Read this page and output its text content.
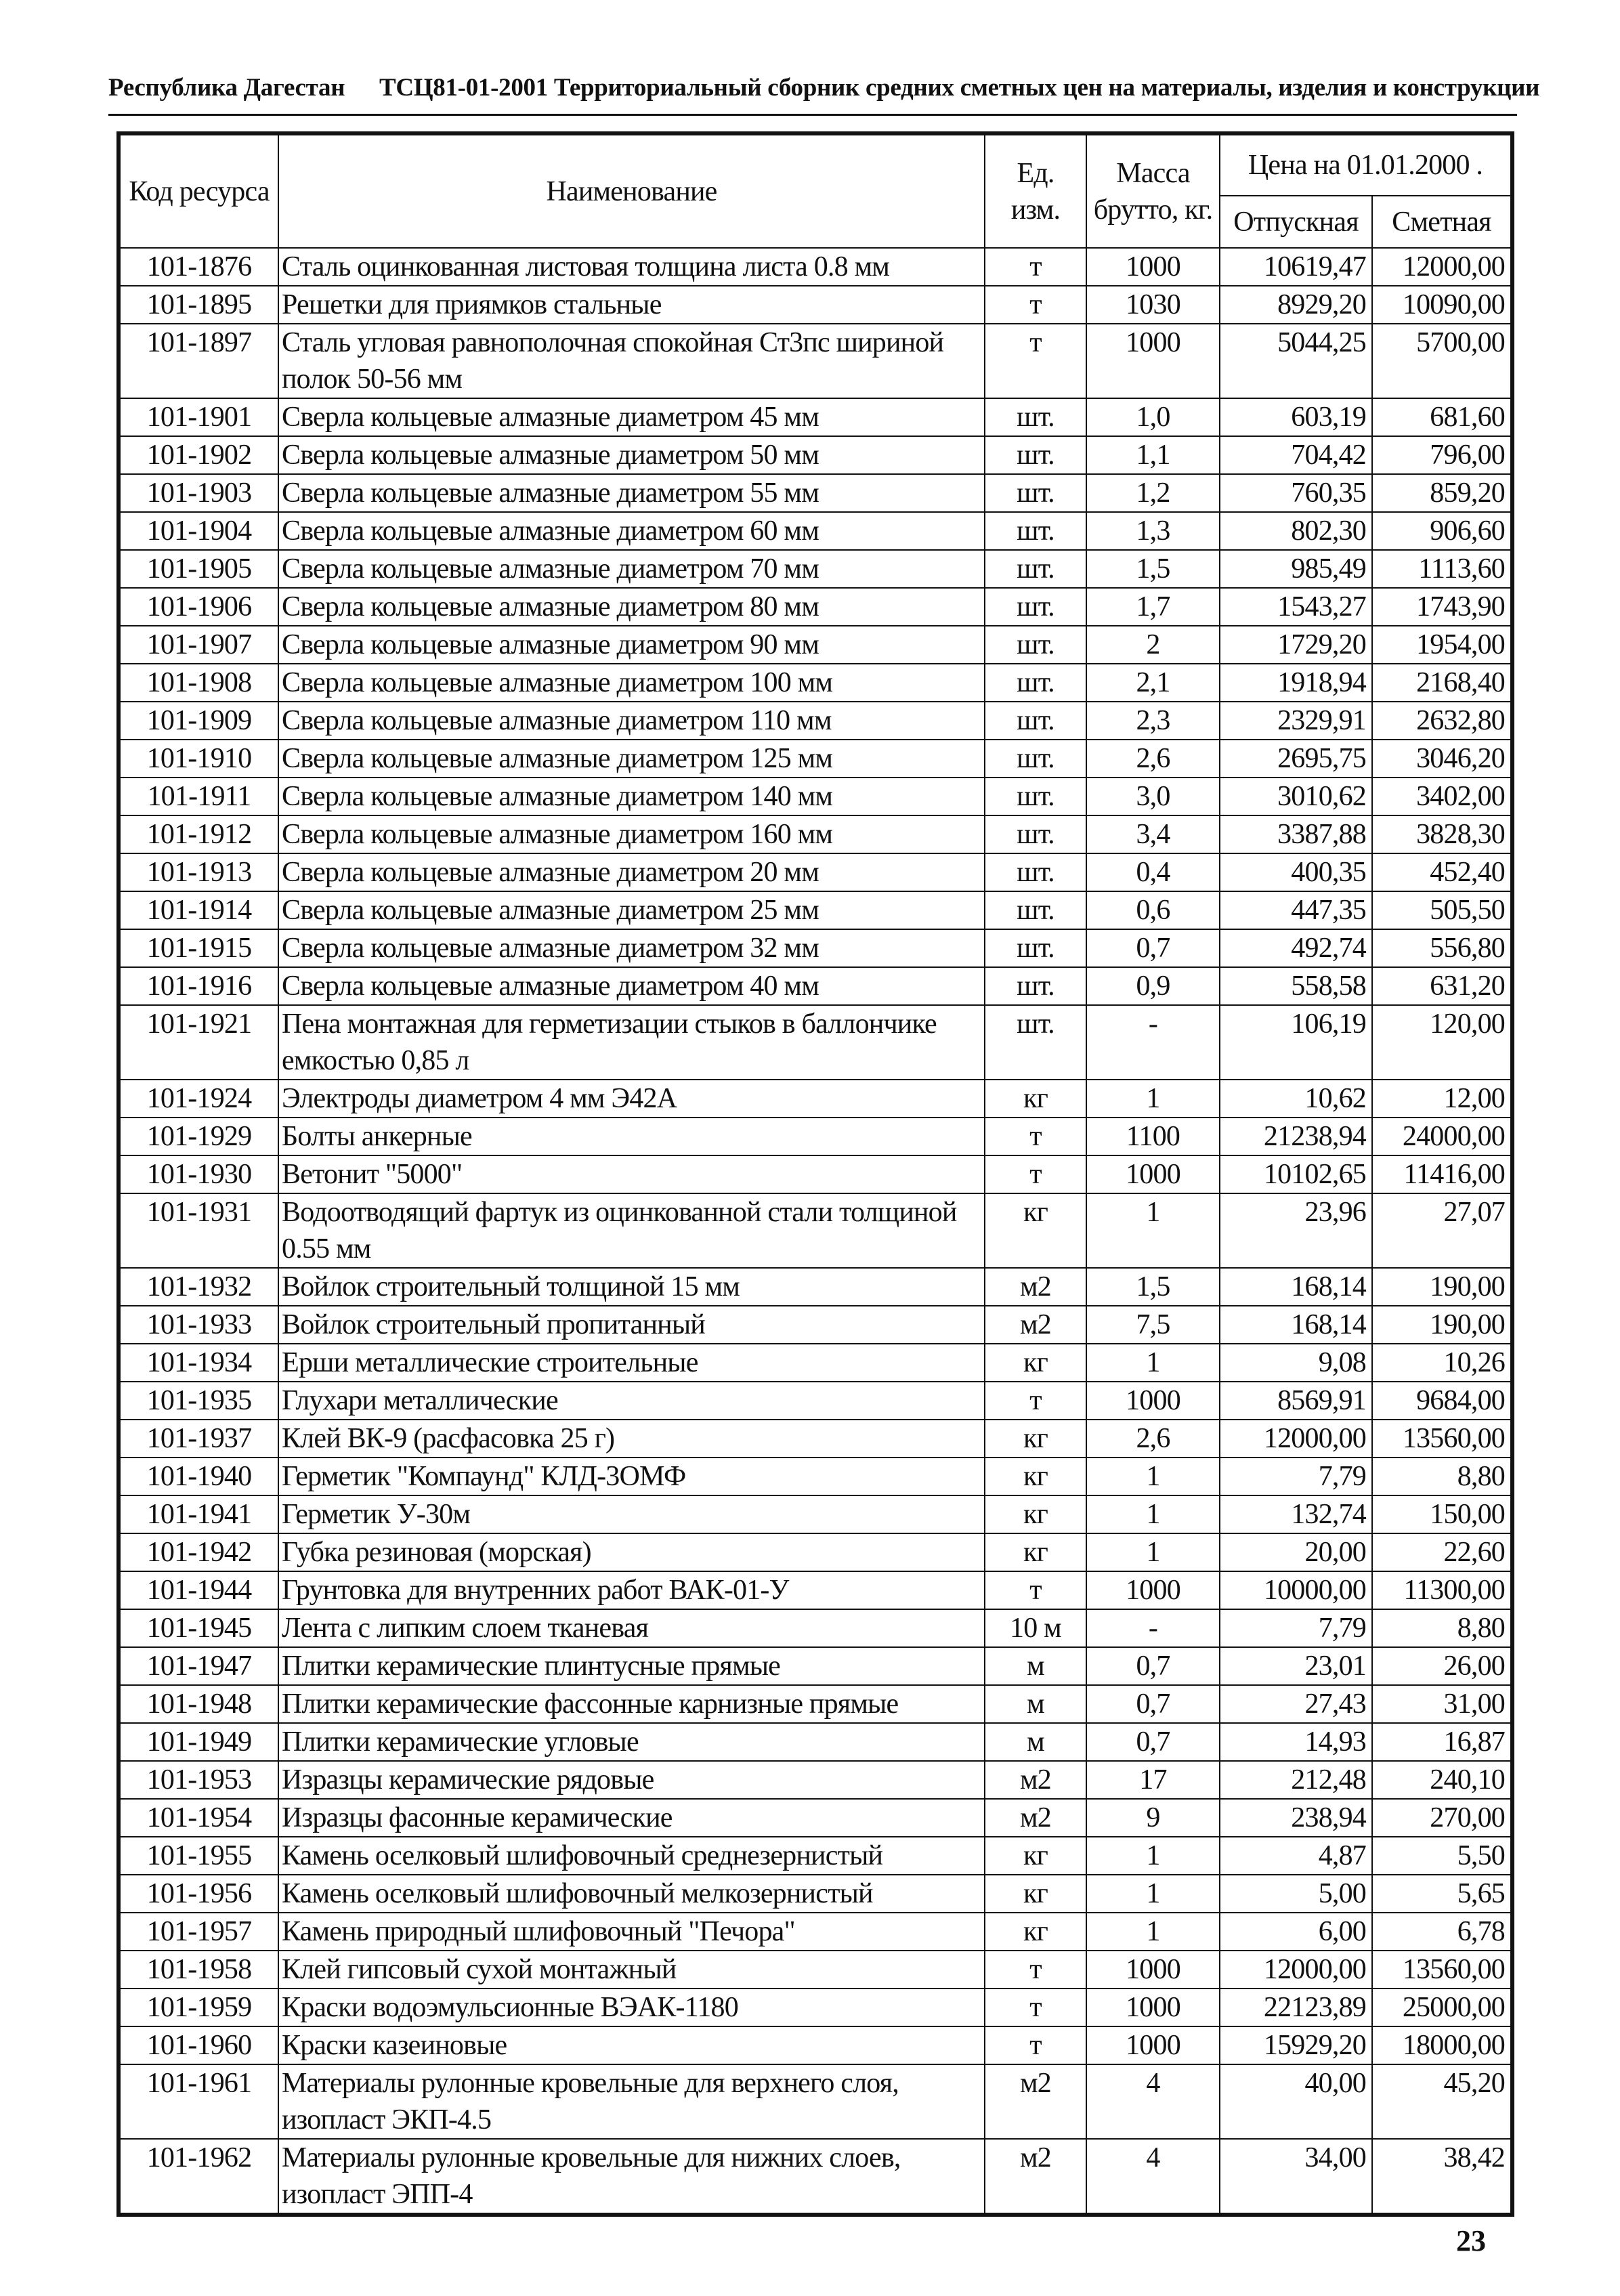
Республика Дагестан ТСЦ81-01-2001 Территориальный сборник средних сметных цен на материалы, изделия и конструкции
Код ресурса	Наименование	Ед. изм.	Масса брутто, кг.	Цена на 01.01.2000 .	
				Отпускная	Сметная
101-1876	Сталь оцинкованная листовая толщина листа 0.8 мм	т	1000	10619,47	12000,00
101-1895	Решетки для приямков стальные	т	1030	8929,20	10090,00
101-1897	Сталь угловая равнополочная спокойная Ст3пс шириной полок 50-56 мм	т	1000	5044,25	5700,00
101-1901	Сверла кольцевые алмазные диаметром 45 мм	шт.	1,0	603,19	681,60
101-1902	Сверла кольцевые алмазные диаметром 50 мм	шт.	1,1	704,42	796,00
101-1903	Сверла кольцевые алмазные диаметром 55 мм	шт.	1,2	760,35	859,20
101-1904	Сверла кольцевые алмазные диаметром 60 мм	шт.	1,3	802,30	906,60
101-1905	Сверла кольцевые алмазные диаметром 70 мм	шт.	1,5	985,49	1113,60
101-1906	Сверла кольцевые алмазные диаметром 80 мм	шт.	1,7	1543,27	1743,90
101-1907	Сверла кольцевые алмазные диаметром 90 мм	шт.	2	1729,20	1954,00
101-1908	Сверла кольцевые алмазные диаметром 100 мм	шт.	2,1	1918,94	2168,40
101-1909	Сверла кольцевые алмазные диаметром 110 мм	шт.	2,3	2329,91	2632,80
101-1910	Сверла кольцевые алмазные диаметром 125 мм	шт.	2,6	2695,75	3046,20
101-1911	Сверла кольцевые алмазные диаметром 140 мм	шт.	3,0	3010,62	3402,00
101-1912	Сверла кольцевые алмазные диаметром 160 мм	шт.	3,4	3387,88	3828,30
101-1913	Сверла кольцевые алмазные диаметром 20 мм	шт.	0,4	400,35	452,40
101-1914	Сверла кольцевые алмазные диаметром 25 мм	шт.	0,6	447,35	505,50
101-1915	Сверла кольцевые алмазные диаметром 32 мм	шт.	0,7	492,74	556,80
101-1916	Сверла кольцевые алмазные диаметром 40 мм	шт.	0,9	558,58	631,20
101-1921	Пена монтажная для герметизации стыков в баллончике емкостью 0,85 л	шт.	-	106,19	120,00
101-1924	Электроды диаметром 4 мм Э42А	кг	1	10,62	12,00
101-1929	Болты анкерные	т	1100	21238,94	24000,00
101-1930	Ветонит "5000"	т	1000	10102,65	11416,00
101-1931	Водоотводящий фартук из оцинкованной стали толщиной 0.55 мм	кг	1	23,96	27,07
101-1932	Войлок строительный толщиной 15 мм	м2	1,5	168,14	190,00
101-1933	Войлок строительный пропитанный	м2	7,5	168,14	190,00
101-1934	Ерши металлические строительные	кг	1	9,08	10,26
101-1935	Глухари металлические	т	1000	8569,91	9684,00
101-1937	Клей ВК-9 (расфасовка 25 г)	кг	2,6	12000,00	13560,00
101-1940	Герметик "Компаунд" КЛД-3ОМФ	кг	1	7,79	8,80
101-1941	Герметик У-30м	кг	1	132,74	150,00
101-1942	Губка резиновая (морская)	кг	1	20,00	22,60
101-1944	Грунтовка для внутренних работ ВАК-01-У	т	1000	10000,00	11300,00
101-1945	Лента с липким слоем тканевая	10 м	-	7,79	8,80
101-1947	Плитки керамические плинтусные прямые	м	0,7	23,01	26,00
101-1948	Плитки керамические фассонные карнизные прямые	м	0,7	27,43	31,00
101-1949	Плитки керамические угловые	м	0,7	14,93	16,87
101-1953	Изразцы керамические рядовые	м2	17	212,48	240,10
101-1954	Изразцы фасонные керамические	м2	9	238,94	270,00
101-1955	Камень оселковый шлифовочный среднезернистый	кг	1	4,87	5,50
101-1956	Камень оселковый шлифовочный мелкозернистый	кг	1	5,00	5,65
101-1957	Камень природный шлифовочный "Печора"	кг	1	6,00	6,78
101-1958	Клей гипсовый сухой монтажный	т	1000	12000,00	13560,00
101-1959	Краски водоэмульсионные ВЭАК-1180	т	1000	22123,89	25000,00
101-1960	Краски казеиновые	т	1000	15929,20	18000,00
101-1961	Материалы рулонные кровельные для верхнего слоя, изопласт ЭКП-4.5	м2	4	40,00	45,20
101-1962	Материалы рулонные кровельные для нижних слоев, изопласт ЭПП-4	м2	4	34,00	38,42
23
